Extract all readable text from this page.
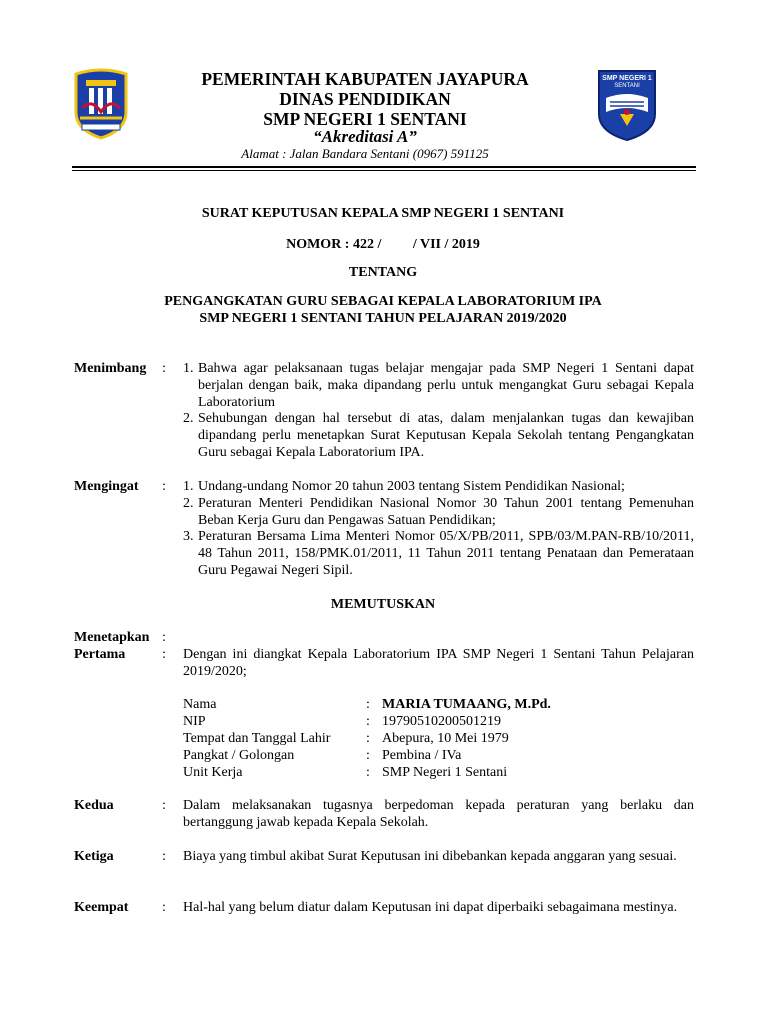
SMP NEGERI 1
SENTANI
PEMERINTAH KABUPATEN JAYAPURA
DINAS PENDIDIKAN
SMP NEGERI 1 SENTANI
“Akreditasi A”
Alamat : Jalan Bandara Sentani (0967) 591125
SURAT KEPUTUSAN KEPALA SMP NEGERI 1 SENTANI
NOMOR : 422 /         / VII / 2019
TENTANG
PENGANGKATAN GURU SEBAGAI KEPALA LABORATORIUM IPA
SMP NEGERI 1 SENTANI TAHUN PELAJARAN 2019/2020
Menimbang : 1. Bahwa agar pelaksanaan tugas belajar mengajar pada SMP Negeri 1 Sentani dapat berjalan dengan baik, maka dipandang perlu untuk mengangkat Guru sebagai Kepala Laboratorium
2. Sehubungan dengan hal tersebut di atas, dalam menjalankan tugas dan kewajiban dipandang perlu menetapkan Surat Keputusan Kepala Sekolah tentang Pengangkatan Guru sebagai Kepala Laboratorium IPA.
Mengingat : 1. Undang-undang Nomor 20 tahun 2003 tentang Sistem Pendidikan Nasional;
2. Peraturan Menteri Pendidikan Nasional Nomor 30 Tahun 2001 tentang Pemenuhan Beban Kerja Guru dan Pengawas Satuan Pendidikan;
3. Peraturan Bersama Lima Menteri Nomor 05/X/PB/2011, SPB/03/M.PAN-RB/10/2011, 48 Tahun 2011, 158/PMK.01/2011, 11 Tahun 2011 tentang Penataan dan Pemerataan Guru Pegawai Negeri Sipil.
MEMUTUSKAN
Menetapkan :
Pertama	: Dengan ini diangkat Kepala Laboratorium IPA SMP Negeri 1 Sentani Tahun Pelajaran 2019/2020;
Nama	: MARIA TUMAANG, M.Pd.
NIP	: 19790510200501219
Tempat dan Tanggal Lahir	: Abepura, 10 Mei 1979
Pangkat / Golongan	: Pembina / IVa
Unit Kerja	: SMP Negeri 1 Sentani
Kedua	: Dalam melaksanakan tugasnya berpedoman kepada peraturan yang berlaku dan bertanggung jawab kepada Kepala Sekolah.
Ketiga	: Biaya yang timbul akibat Surat Keputusan ini dibebankan kepada anggaran yang sesuai.
Keempat : Hal-hal yang belum diatur dalam Keputusan ini dapat diperbaiki sebagaimana mestinya.
